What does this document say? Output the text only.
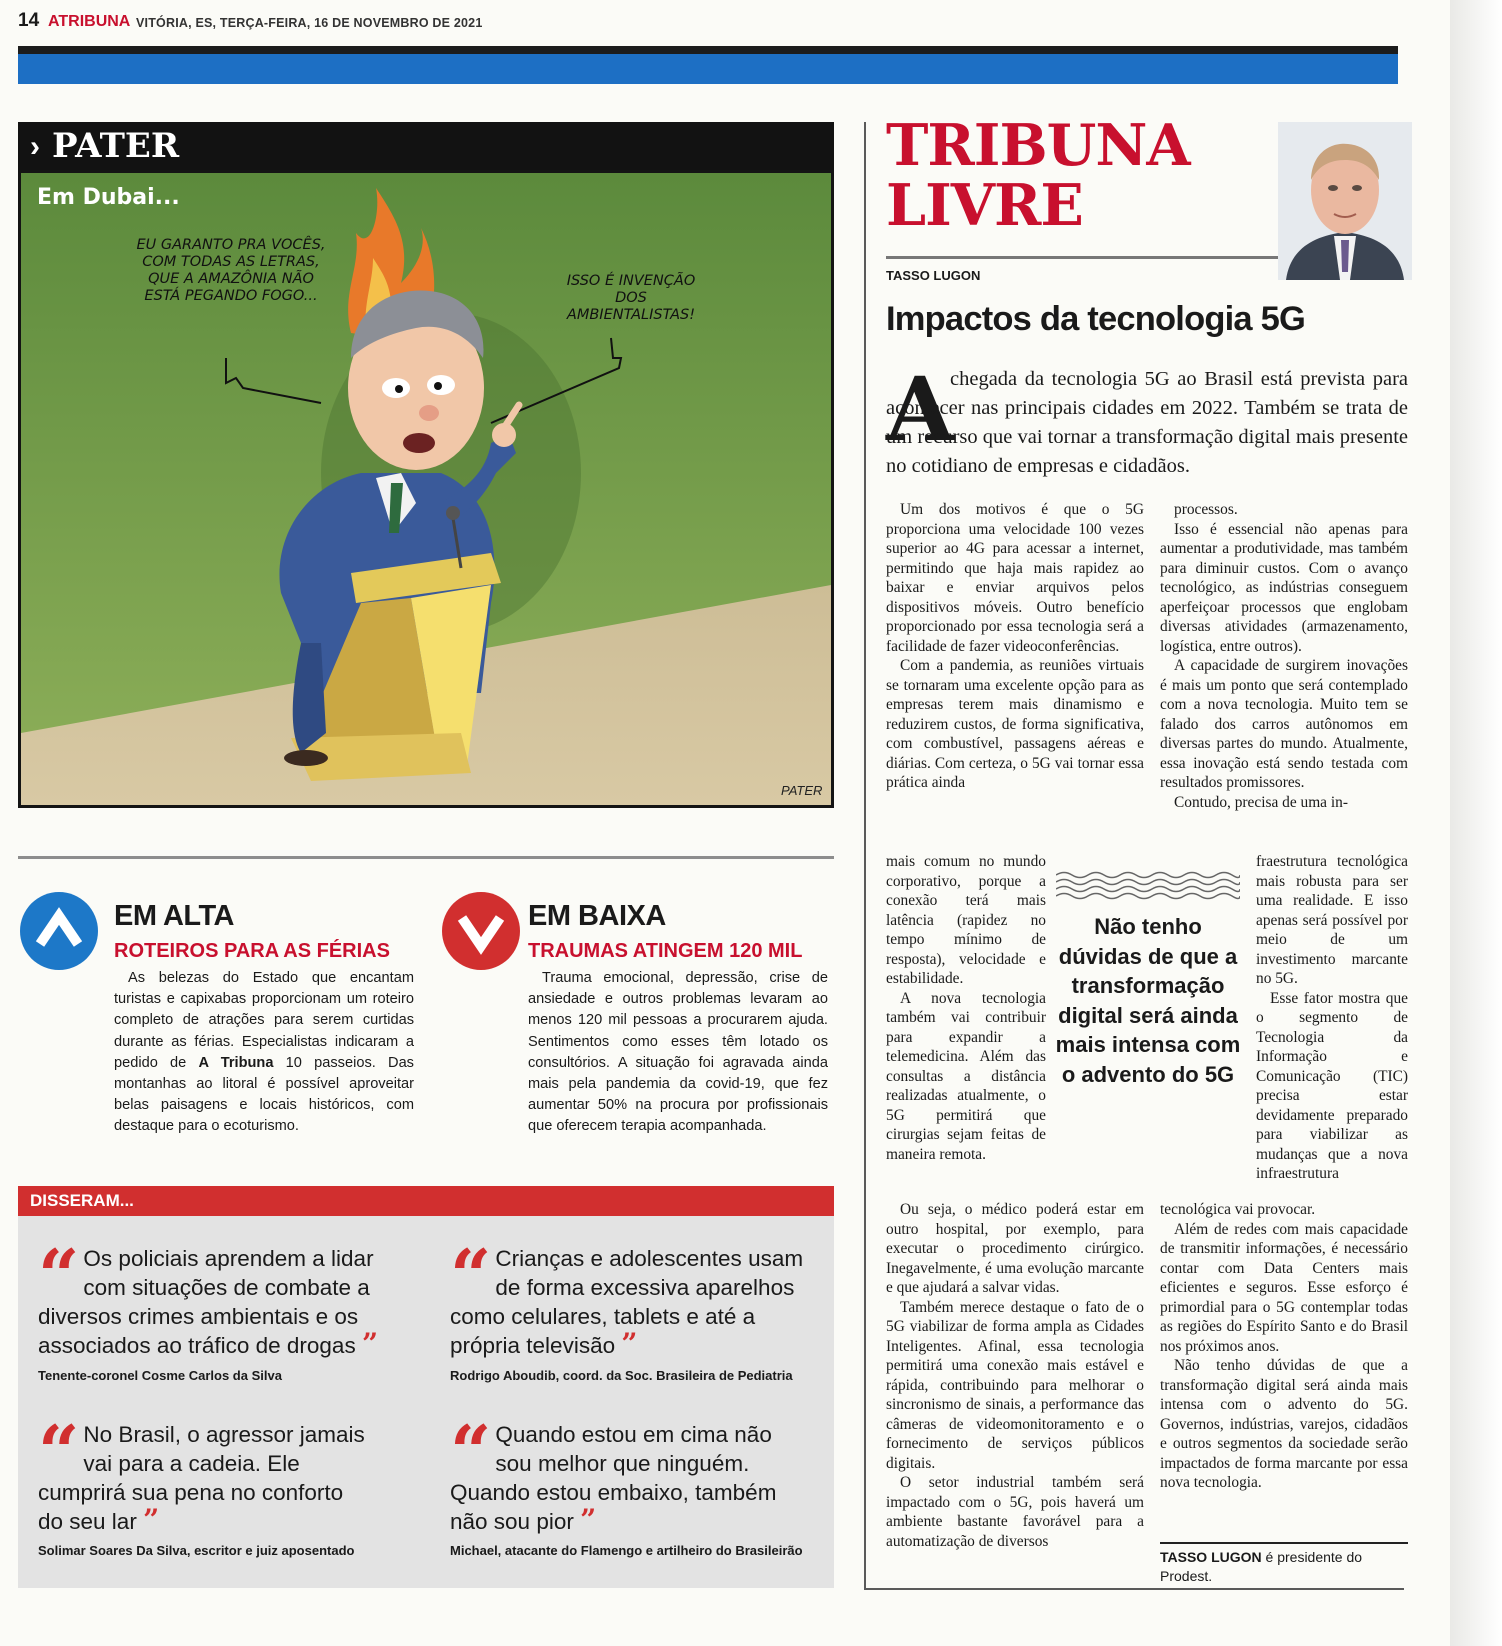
14 ATRIBUNA VITÓRIA, ES, TERÇA-FEIRA, 16 DE NOVEMBRO DE 2021
› PATER
Em Dubai...
EU GARANTO PRA VOCÊS, COM TODAS AS LETRAS, QUE A AMAZÔNIA NÃO ESTÁ PEGANDO FOGO...
ISSO É INVENÇÃO DOS AMBIENTALISTAS!
PATER
EM ALTA
ROTEIROS PARA AS FÉRIAS
As belezas do Estado que encantam turistas e capixabas proporcionam um roteiro completo de atrações para serem curtidas durante as férias. Especialistas indicaram a pedido de A Tribuna 10 passeios. Das montanhas ao litoral é possível aproveitar belas paisagens e locais históricos, com destaque para o ecoturismo.
EM BAIXA
TRAUMAS ATINGEM 120 MIL
Trauma emocional, depressão, crise de ansiedade e outros problemas levaram ao menos 120 mil pessoas a procurarem ajuda. Sentimentos como esses têm lotado os consultórios. A situação foi agravada ainda mais pela pandemia da covid-19, que fez aumentar 50% na procura por profissionais que oferecem terapia acompanhada.
DISSERAM...
“ Os policiais aprendem a lidar com situações de combate a diversos crimes ambientais e os associados ao tráfico de drogas ”
Tenente-coronel Cosme Carlos da Silva
“ Crianças e adolescentes usam de forma excessiva aparelhos como celulares, tablets e até a própria televisão ”
Rodrigo Aboudib, coord. da Soc. Brasileira de Pediatria
“ No Brasil, o agressor jamais vai para a cadeia. Ele cumprirá sua pena no conforto do seu lar ”
Solimar Soares Da Silva, escritor e juiz aposentado
“ Quando estou em cima não sou melhor que ninguém. Quando estou embaixo, também não sou pior ”
Michael, atacante do Flamengo e artilheiro do Brasileirão
TRIBUNA
LIVRE
TASSO LUGON
Impactos da tecnologia 5G
A
chegada da tecnologia 5G ao Brasil está prevista para acontecer nas principais cidades em 2022. Também se trata de um recurso que vai tornar a transformação digital mais presente no cotidiano de empresas e cidadãos.

Um dos motivos é que o 5G proporciona uma velocidade 100 vezes superior ao 4G para acessar a internet, permitindo que haja mais rapidez ao baixar e enviar arquivos pelos dispositivos móveis. Outro benefício proporcionado por essa tecnologia será a facilidade de fazer videoconferências.

Com a pandemia, as reuniões virtuais se tornaram uma excelente opção para as empresas terem mais dinamismo e reduzirem custos, de forma significativa, com combustível, passagens aéreas e diárias. Com certeza, o 5G vai tornar essa prática ainda

mais comum no mundo corporativo, porque a conexão terá mais latência (rapidez no tempo mínimo de resposta), velocidade e estabilidade.

A nova tecnologia também vai contribuir para expandir a telemedicina. Além das consultas a distância realizadas atualmente, o 5G permitirá que cirurgias sejam feitas de maneira remota.

Ou seja, o médico poderá estar em outro hospital, por exemplo, para executar o procedimento cirúrgico. Inegavelmente, é uma evolução marcante e que ajudará a salvar vidas.

Também merece destaque o fato de o 5G viabilizar de forma ampla as Cidades Inteligentes. Afinal, essa tecnologia permitirá uma conexão mais estável e rápida, contribuindo para melhorar o sincronismo de sinais, a performance das câmeras de videomonitoramento e o fornecimento de serviços públicos digitais.

O setor industrial também será impactado com o 5G, pois haverá um ambiente bastante favorável para a automatização de diversos

processos.

Isso é essencial não apenas para aumentar a produtividade, mas também para diminuir custos. Com o avanço tecnológico, as indústrias conseguem aperfeiçoar processos que englobam diversas atividades (armazenamento, logística, entre outros).

A capacidade de surgirem inovações é mais um ponto que será contemplado com a nova tecnologia. Muito tem se falado dos carros autônomos em diversas partes do mundo. Atualmente, essa inovação está sendo testada com resultados promissores.

Contudo, precisa de uma in-

fraestrutura tecnológica mais robusta para ser uma realidade. E isso apenas será possível por meio de um investimento marcante no 5G.

Esse fator mostra que o segmento de Tecnologia da Informação e Comunicação (TIC) precisa estar devidamente preparado para viabilizar as mudanças que a nova infraestrutura

tecnológica vai provocar.

Além de redes com mais capacidade de transmitir informações, é necessário contar com Data Centers mais eficientes e seguros. Esse esforço é primordial para o 5G contemplar todas as regiões do Espírito Santo e do Brasil nos próximos anos.

Não tenho dúvidas de que a transformação digital será ainda mais intensa com o advento do 5G. Governos, indústrias, varejos, cidadãos e outros segmentos da sociedade serão impactados de forma marcante por essa nova tecnologia.

Não tenho dúvidas de que a transformação digital será ainda mais intensa com o advento do 5G
TASSO LUGON é presidente do Prodest.
